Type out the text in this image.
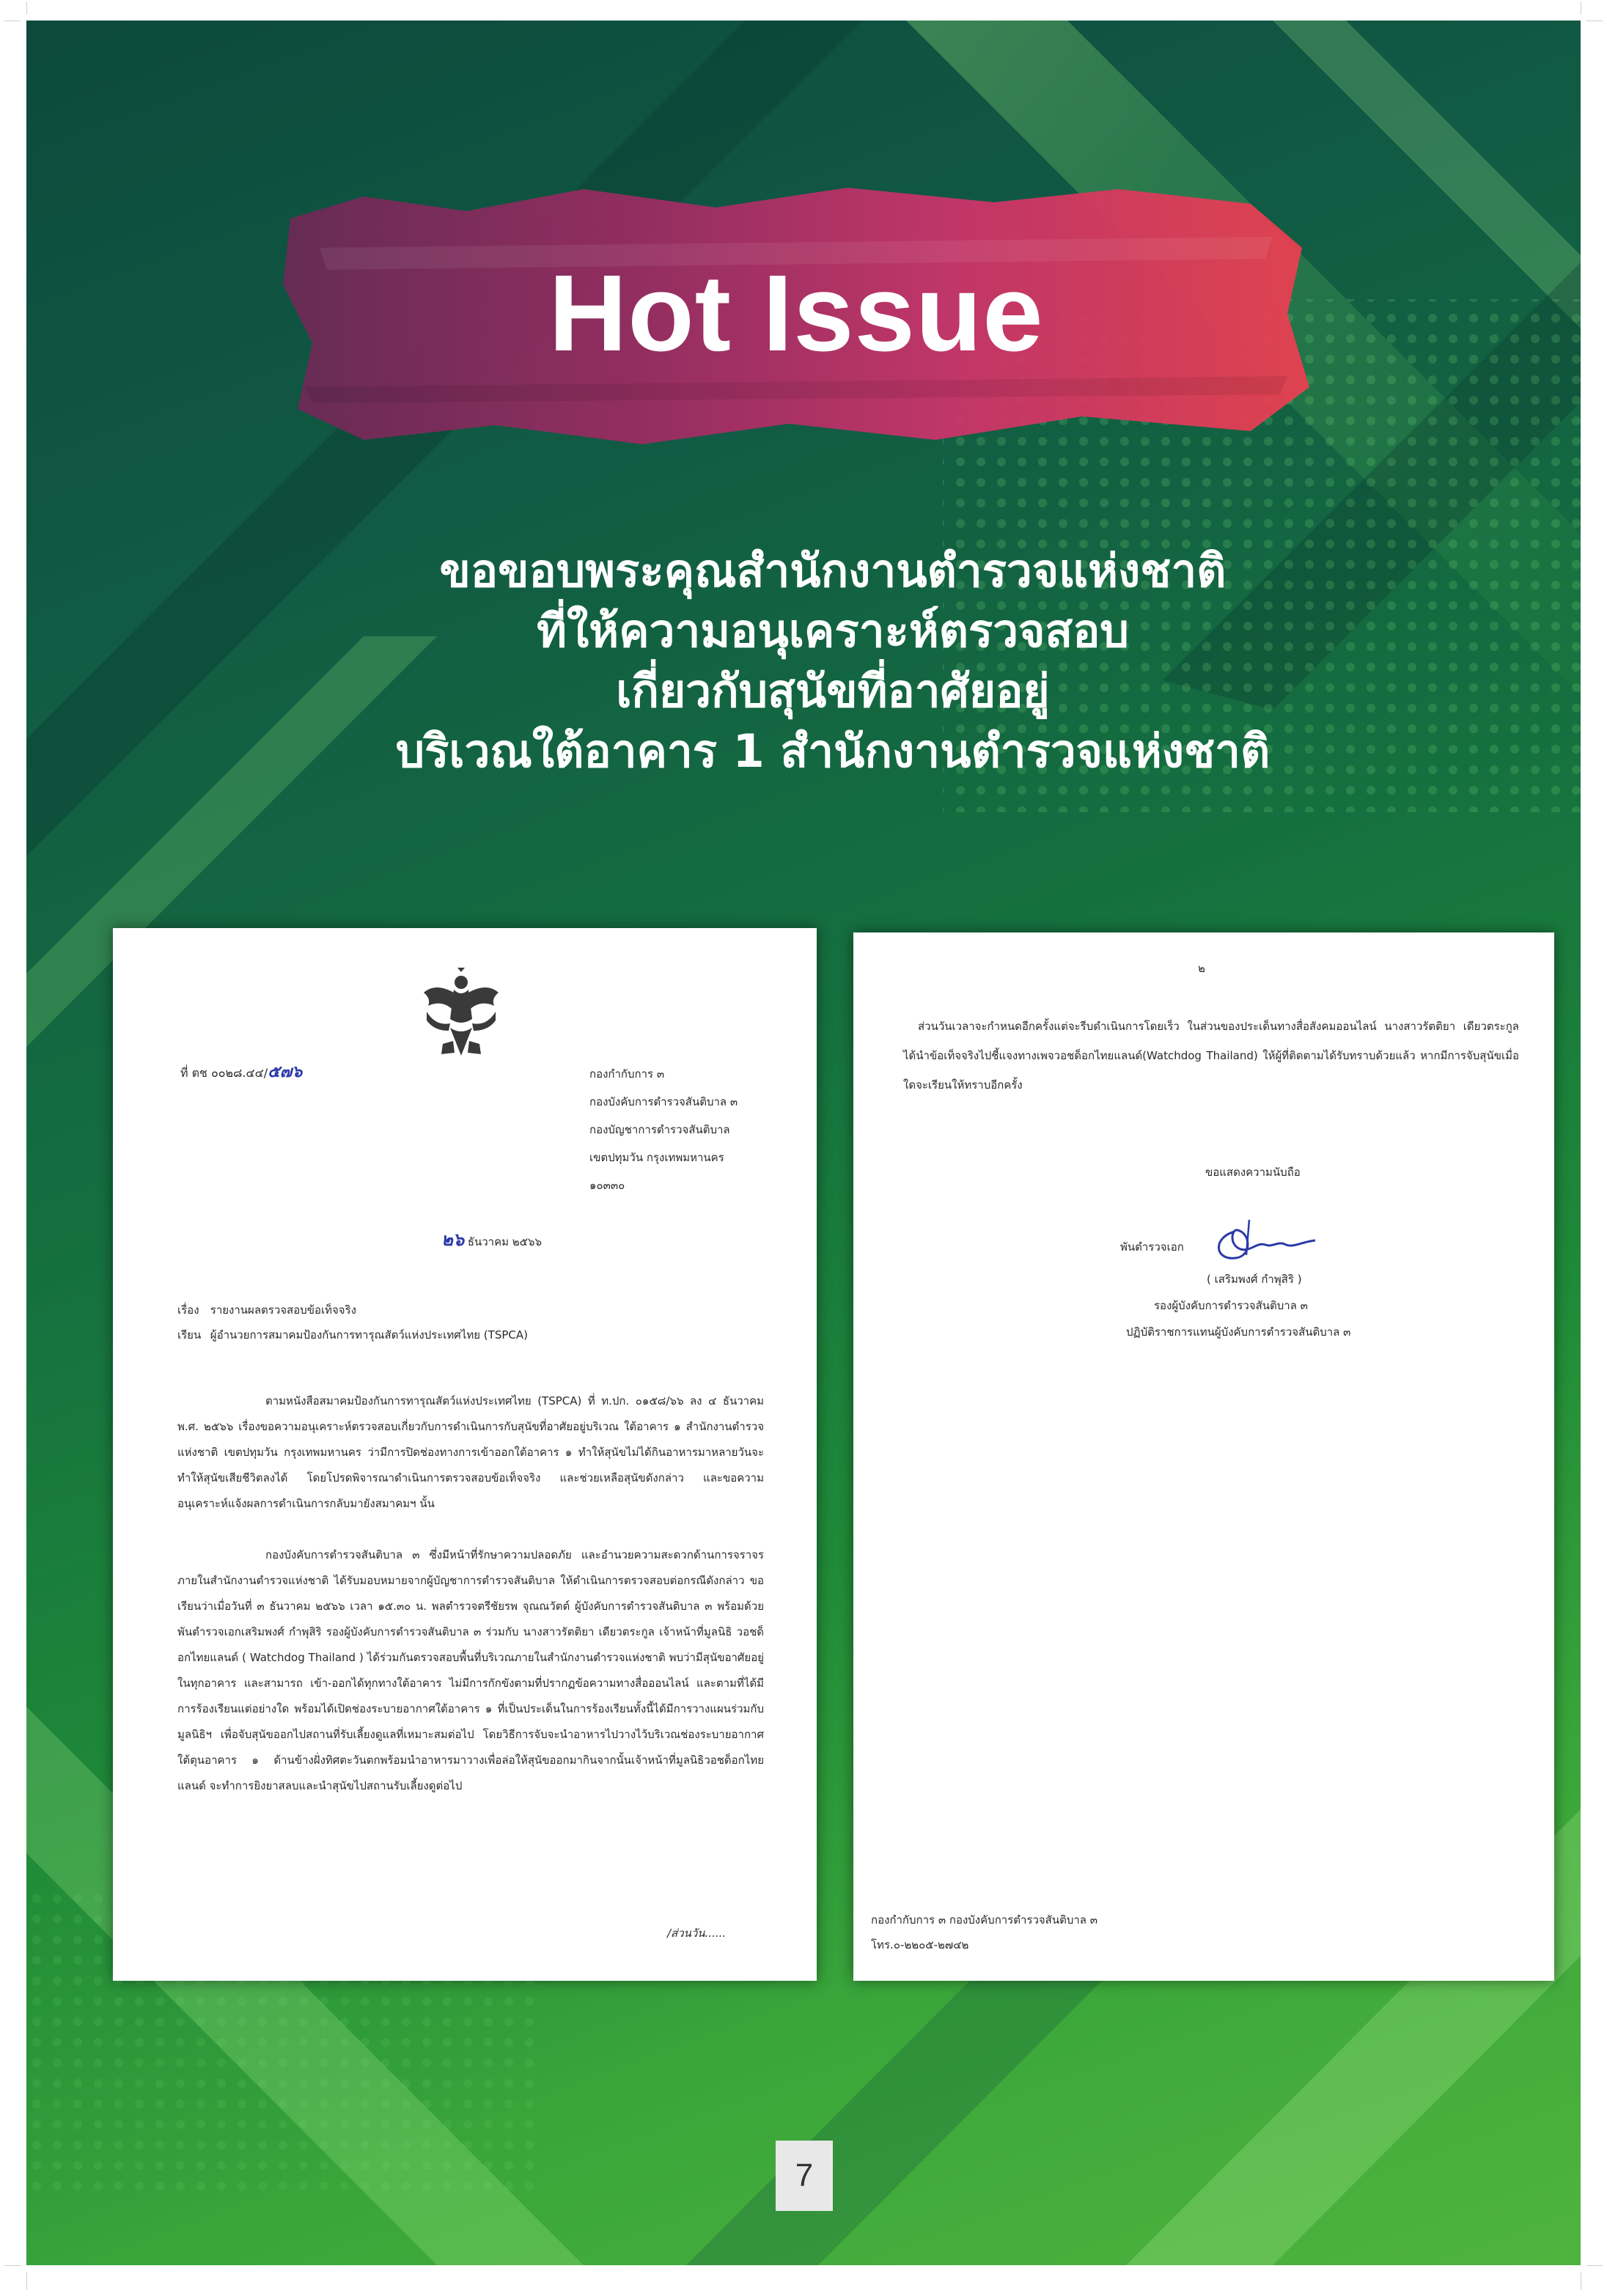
Hot Issue
ขอขอบพระคุณสำนักงานตำรวจแห่งชาติ
ที่ให้ความอนุเคราะห์ตรวจสอบ
เกี่ยวกับสุนัขที่อาศัยอยู่
บริเวณใต้อาคาร 1 สำนักงานตำรวจแห่งชาติ
ที่ ตช ๐๐๒๘.๔๔/๕๗๖	กองกำกับการ ๓
กองบังคับการตำรวจสันติบาล ๓
กองบัญชาการตำรวจสันติบาล
เขตปทุมวัน กรุงเทพมหานคร
๑๐๓๓๐
๒๖ ธันวาคม ๒๕๖๖
เรื่อง รายงานผลตรวจสอบข้อเท็จจริง
เรียน ผู้อำนวยการสมาคมป้องกันการทารุณสัตว์แห่งประเทศไทย (TSPCA)
ตามหนังสือสมาคมป้องกันการทารุณสัตว์แห่งประเทศไทย (TSPCA) ที่ ท.ปก. ๐๑๕๘/๖๖ ลง ๔ ธันวาคม พ.ศ. ๒๕๖๖ เรื่องขอความอนุเคราะห์ตรวจสอบเกี่ยวกับการดำเนินการกับสุนัขที่อาศัยอยู่บริเวณ ใต้อาคาร ๑ สำนักงานตำรวจแห่งชาติ เขตปทุมวัน กรุงเทพมหานคร ว่ามีการปิดช่องทางการเข้าออกใต้อาคาร ๑ ทำให้สุนัขไม่ได้กินอาหารมาหลายวันจะทำให้สุนัขเสียชีวิตลงได้ โดยโปรดพิจารณาดำเนินการตรวจสอบข้อเท็จจริง และช่วยเหลือสุนัขดังกล่าว และขอความอนุเคราะห์แจ้งผลการดำเนินการกลับมายังสมาคมฯ นั้น
กองบังคับการตำรวจสันติบาล ๓ ซึ่งมีหน้าที่รักษาความปลอดภัย และอำนวยความสะดวกด้านการจราจรภายในสำนักงานตำรวจแห่งชาติ ได้รับมอบหมายจากผู้บัญชาการตำรวจสันติบาล ให้ดำเนินการตรวจสอบต่อกรณีดังกล่าว ขอเรียนว่าเมื่อวันที่ ๓ ธันวาคม ๒๕๖๖ เวลา ๑๕.๓๐ น. พลตำรวจตรีชัยรพ จุณณวัตต์ ผู้บังคับการตำรวจสันติบาล ๓ พร้อมด้วย พันตำรวจเอกเสริมพงศ์ กำพุสิริ รองผู้บังคับการตำรวจสันติบาล ๓ ร่วมกับ นางสาวรัตติยา เดียวตระกูล เจ้าหน้าที่มูลนิธิ วอชด็อกไทยแลนด์ ( Watchdog Thailand ) ได้ร่วมกันตรวจสอบพื้นที่บริเวณภายในสำนักงานตำรวจแห่งชาติ พบว่ามีสุนัขอาศัยอยู่ในทุกอาคาร และสามารถ เข้า-ออกได้ทุกทางใต้อาคาร ไม่มีการกักขังตามที่ปรากฏข้อความทางสื่อออนไลน์ และตามที่ได้มีการร้องเรียนแต่อย่างใด พร้อมได้เปิดช่องระบายอากาศใต้อาคาร ๑ ที่เป็นประเด็นในการร้องเรียนทั้งนี้ได้มีการวางแผนร่วมกับมูลนิธิฯ เพื่อจับสุนัขออกไปสถานที่รับเลี้ยงดูแลที่เหมาะสมต่อไป โดยวิธีการจับจะนำอาหารไปวางไว้บริเวณช่องระบายอากาศใต้ตุนอาคาร ๑ ด้านข้างฝั่งทิศตะวันตกพร้อมนำอาหารมาวางเพื่อล่อให้สุนัขออกมากินจากนั้นเจ้าหน้าที่มูลนิธิวอชด็อกไทยแลนด์ จะทำการยิงยาสลบและนำสุนัขไปสถานรับเลี้ยงดูต่อไป
/ส่วนวัน......
๒
ส่วนวันเวลาจะกำหนดอีกครั้งแต่จะรีบดำเนินการโดยเร็ว ในส่วนของประเด็นทางสื่อสังคมออนไลน์ นางสาวรัตติยา เดียวตระกูล ได้นำข้อเท็จจริงไปชี้แจงทางเพจวอชด็อกไทยแลนด์(Watchdog Thailand) ให้ผู้ที่ติดตามได้รับทราบด้วยแล้ว หากมีการจับสุนัขเมื่อใดจะเรียนให้ทราบอีกครั้ง
ขอแสดงความนับถือ
พันตำรวจเอก
( เสริมพงศ์ กำพุสิริ )
รองผู้บังคับการตำรวจสันติบาล ๓
ปฏิบัติราชการแทนผู้บังคับการตำรวจสันติบาล ๓
กองกำกับการ ๓ กองบังคับการตำรวจสันติบาล ๓
โทร.๐-๒๒๐๕-๒๗๔๒
7
